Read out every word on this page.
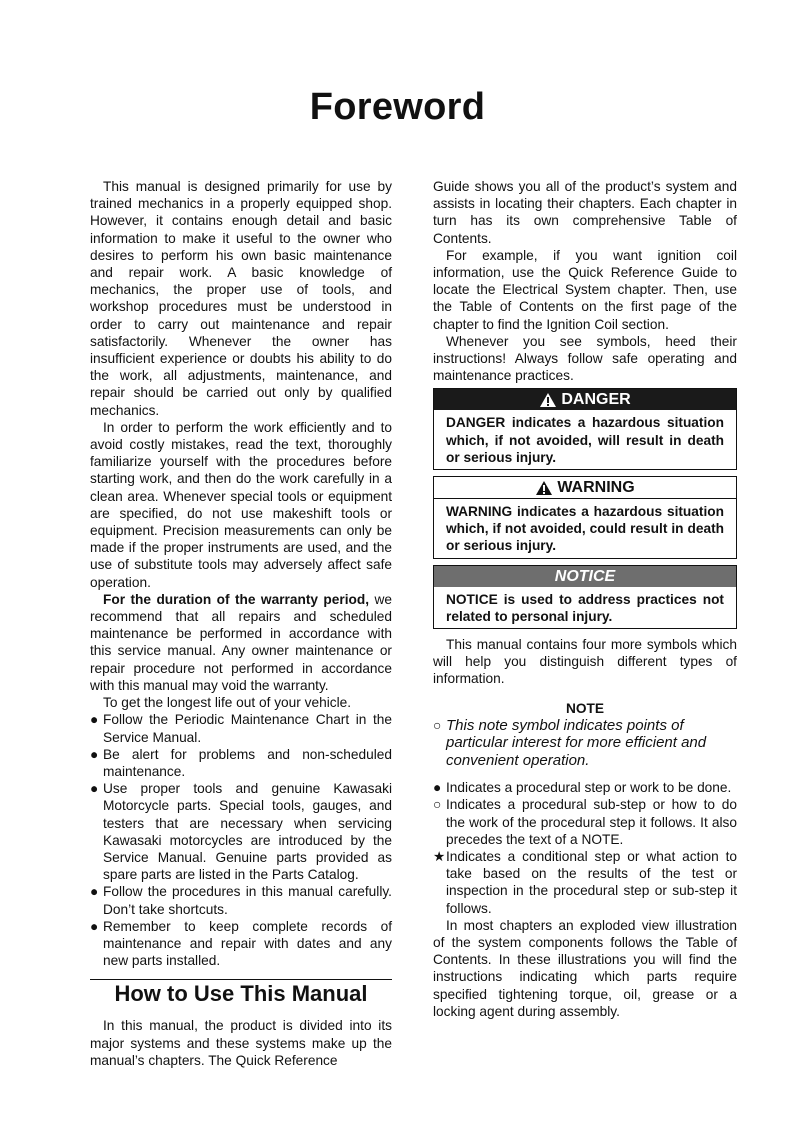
Foreword

This manual is designed primarily for use by trained mechanics in a properly equipped shop. However, it contains enough detail and basic information to make it useful to the owner who desires to perform his own basic maintenance and repair work. A basic knowledge of mechanics, the proper use of tools, and workshop procedures must be understood in order to carry out maintenance and repair satisfactorily. Whenever the owner has insufficient experience or doubts his ability to do the work, all adjustments, maintenance, and repair should be carried out only by qualified mechanics.

In order to perform the work efficiently and to avoid costly mistakes, read the text, thoroughly familiarize yourself with the procedures before starting work, and then do the work carefully in a clean area. Whenever special tools or equipment are specified, do not use makeshift tools or equipment. Precision measurements can only be made if the proper instruments are used, and the use of substitute tools may adversely affect safe operation.

For the duration of the warranty period, we recommend that all repairs and scheduled maintenance be performed in accordance with this service manual. Any owner maintenance or repair procedure not performed in accordance with this manual may void the warranty.

To get the longest life out of your vehicle.

● Follow the Periodic Maintenance Chart in the Service Manual.
● Be alert for problems and non-scheduled maintenance.
● Use proper tools and genuine Kawasaki Motorcycle parts. Special tools, gauges, and testers that are necessary when servicing Kawasaki motorcycles are introduced by the Service Manual. Genuine parts provided as spare parts are listed in the Parts Catalog.
● Follow the procedures in this manual carefully. Don’t take shortcuts.
● Remember to keep complete records of maintenance and repair with dates and any new parts installed.
How to Use This Manual

In this manual, the product is divided into its major systems and these systems make up the manual’s chapters. The Quick Reference

Guide shows you all of the product’s system and assists in locating their chapters. Each chapter in turn has its own comprehensive Table of Contents.

For example, if you want ignition coil information, use the Quick Reference Guide to locate the Electrical System chapter. Then, use the Table of Contents on the first page of the chapter to find the Ignition Coil section.

Whenever you see symbols, heed their instructions! Always follow safe operating and maintenance practices.

DANGER
DANGER indicates a hazardous situation which, if not avoided, will result in death or serious injury.
WARNING
WARNING indicates a hazardous situation which, if not avoided, could result in death or serious injury.
NOTICE
NOTICE is used to address practices not related to personal injury.

This manual contains four more symbols which will help you distinguish different types of information.

NOTE
○ This note symbol indicates points of particular interest for more efficient and convenient operation.
● Indicates a procedural step or work to be done.
○ Indicates a procedural sub-step or how to do the work of the procedural step it follows. It also precedes the text of a NOTE.
★ Indicates a conditional step or what action to take based on the results of the test or inspection in the procedural step or sub-step it follows.

In most chapters an exploded view illustration of the system components follows the Table of Contents. In these illustrations you will find the instructions indicating which parts require specified tightening torque, oil, grease or a locking agent during assembly.
